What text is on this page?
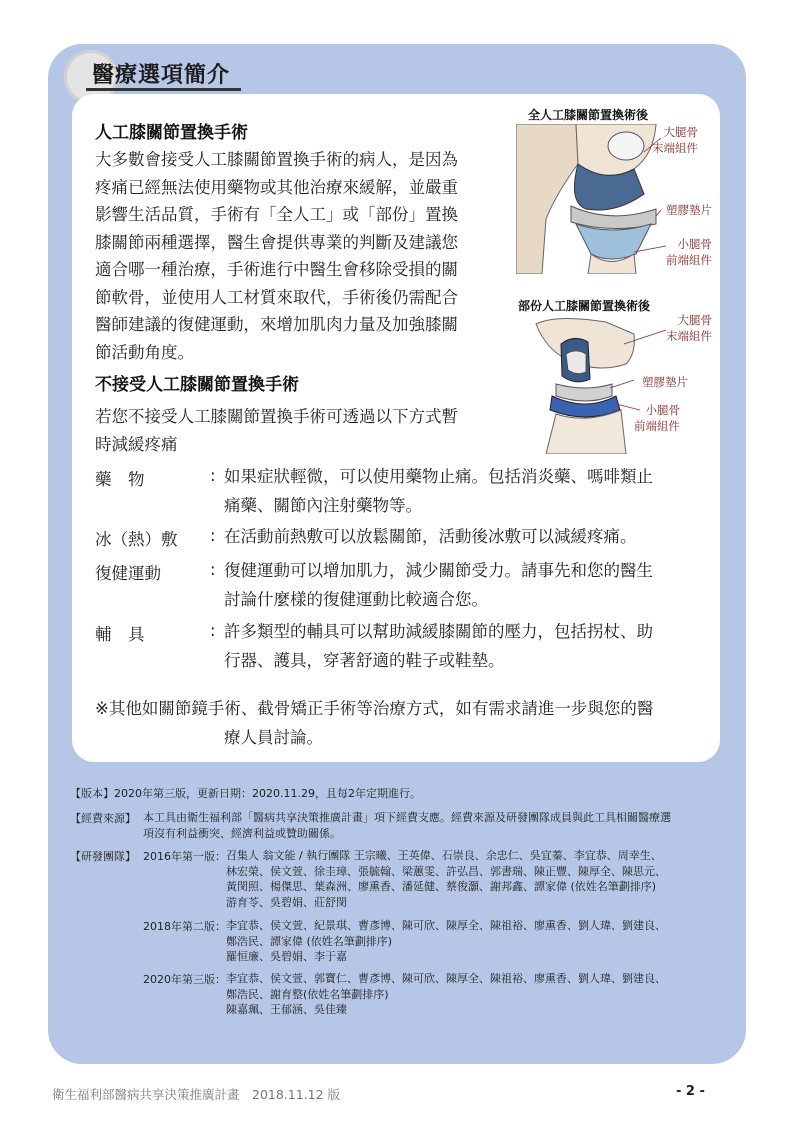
醫療選項簡介
人工膝關節置換手術
大多數會接受人工膝關節置換手術的病人，是因為
疼痛已經無法使用藥物或其他治療來緩解，並嚴重
影響生活品質，手術有「全人工」或「部份」置換
膝關節兩種選擇，醫生會提供專業的判斷及建議您
適合哪一種治療，手術進行中醫生會移除受損的關
節軟骨，並使用人工材質來取代，手術後仍需配合
醫師建議的復健運動，來增加肌肉力量及加強膝關
節活動角度。
不接受人工膝關節置換手術
若您不接受人工膝關節置換手術可透過以下方式暫
時減緩疼痛
全人工膝關節置換術後
大腿骨
末端組件
塑膠墊片
小腿骨
前端組件
部份人工膝關節置換術後
大腿骨
末端組件
塑膠墊片
小腿骨
前端組件
藥　物	: 如果症狀輕微，可以使用藥物止痛。包括消炎藥、嗎啡類止
痛藥、關節內注射藥物等。
冰（熱）敷 : 在活動前熱敷可以放鬆關節，活動後冰敷可以減緩疼痛。
復健運動	: 復健運動可以增加肌力，減少關節受力。請事先和您的醫生
討論什麼樣的復健運動比較適合您。
輔　具	: 許多類型的輔具可以幫助減緩膝關節的壓力，包括拐杖、助
行器、護具，穿著舒適的鞋子或鞋墊。
※其他如關節鏡手術、截骨矯正手術等治療方式，如有需求請進一步與您的醫
療人員討論。
【版本】2020年第三版，更新日期：2020.11.29，且每2年定期進行。
【經費來源】 本工具由衛生福利部「醫病共享決策推廣計畫」項下經費支應。經費來源及研發團隊成員與此工具相關醫療選
項沒有利益衝突、經濟利益或贊助關係。
【研發團隊】 2016年第一版： 召集人 翁文能 / 執行團隊 王宗曦、王英偉、石崇良、余忠仁、吳宜蓁、李宜恭、周幸生、
林宏榮、侯文萱、徐圭璋、張毓翰、梁蕙雯、許弘昌、郭書瑞、陳正豐、陳厚全、陳思元、
黃閔照、楊傑思、葉森洲、廖熏香、潘延健、蔡俊灝、謝邦鑫、譚家偉 (依姓名筆劃排序)
游育苓、吳碧娟、莊舒閔
2018年第二版： 李宜恭、侯文萱、紀景琪、曹彥博、陳可欣、陳厚全、陳祖裕、廖熏香、劉人瑋、劉建良、
鄭浩民、譚家偉 (依姓名筆劃排序)
羅恒廉、吳碧娟、李于嘉
2020年第三版： 李宜恭、侯文萱、郭寶仁、曹彥博、陳可欣、陳厚全、陳祖裕、廖熏香、劉人瑋、劉建良、
鄭浩民、謝育整(依姓名筆劃排序)
陳嘉珮、王郁涵、吳佳臻
衛生福利部醫病共享決策推廣計畫　2018.11.12 版	- 2 -
